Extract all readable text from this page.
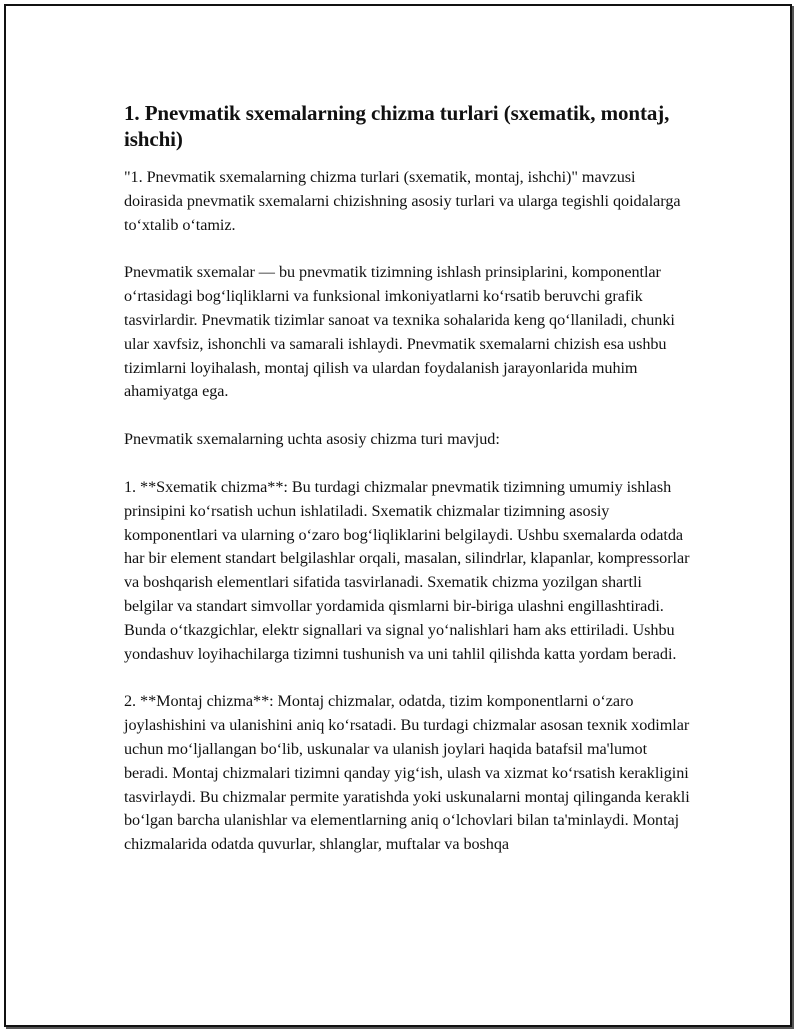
1. Pnevmatik sxemalarning chizma turlari (sxematik, montaj, ishchi)

"1. Pnevmatik sxemalarning chizma turlari (sxematik, montaj, ishchi)" mavzusi doirasida pnevmatik sxemalarni chizishning asosiy turlari va ularga tegishli qoidalarga to‘xtalib o‘tamiz.

Pnevmatik sxemalar — bu pnevmatik tizimning ishlash prinsiplarini, komponentlar o‘rtasidagi bog‘liqliklarni va funksional imkoniyatlarni ko‘rsatib beruvchi grafik tasvirlardir. Pnevmatik tizimlar sanoat va texnika sohalarida keng qo‘llaniladi, chunki ular xavfsiz, ishonchli va samarali ishlaydi. Pnevmatik sxemalarni chizish esa ushbu tizimlarni loyihalash, montaj qilish va ulardan foydalanish jarayonlarida muhim ahamiyatga ega.

Pnevmatik sxemalarning uchta asosiy chizma turi mavjud:

1. **Sxematik chizma**: Bu turdagi chizmalar pnevmatik tizimning umumiy ishlash prinsipini ko‘rsatish uchun ishlatiladi. Sxematik chizmalar tizimning asosiy komponentlari va ularning o‘zaro bog‘liqliklarini belgilaydi. Ushbu sxemalarda odatda har bir element standart belgilashlar orqali, masalan, silindrlar, klapanlar, kompressorlar va boshqarish elementlari sifatida tasvirlanadi. Sxematik chizma yozilgan shartli belgilar va standart simvollar yordamida qismlarni bir-biriga ulashni engillashtiradi. Bunda o‘tkazgichlar, elektr signallari va signal yo‘nalishlari ham aks ettiriladi. Ushbu yondashuv loyihachilarga tizimni tushunish va uni tahlil qilishda katta yordam beradi.

2. **Montaj chizma**: Montaj chizmalar, odatda, tizim komponentlarni o‘zaro joylashishini va ulanishini aniq ko‘rsatadi. Bu turdagi chizmalar asosan texnik xodimlar uchun mo‘ljallangan bo‘lib, uskunalar va ulanish joylari haqida batafsil ma'lumot beradi. Montaj chizmalari tizimni qanday yig‘ish, ulash va xizmat ko‘rsatish kerakligini tasvirlaydi. Bu chizmalar permite yaratishda yoki uskunalarni montaj qilinganda kerakli bo‘lgan barcha ulanishlar va elementlarning aniq o‘lchovlari bilan ta'minlaydi. Montaj chizmalarida odatda quvurlar, shlanglar, muftalar va boshqa
